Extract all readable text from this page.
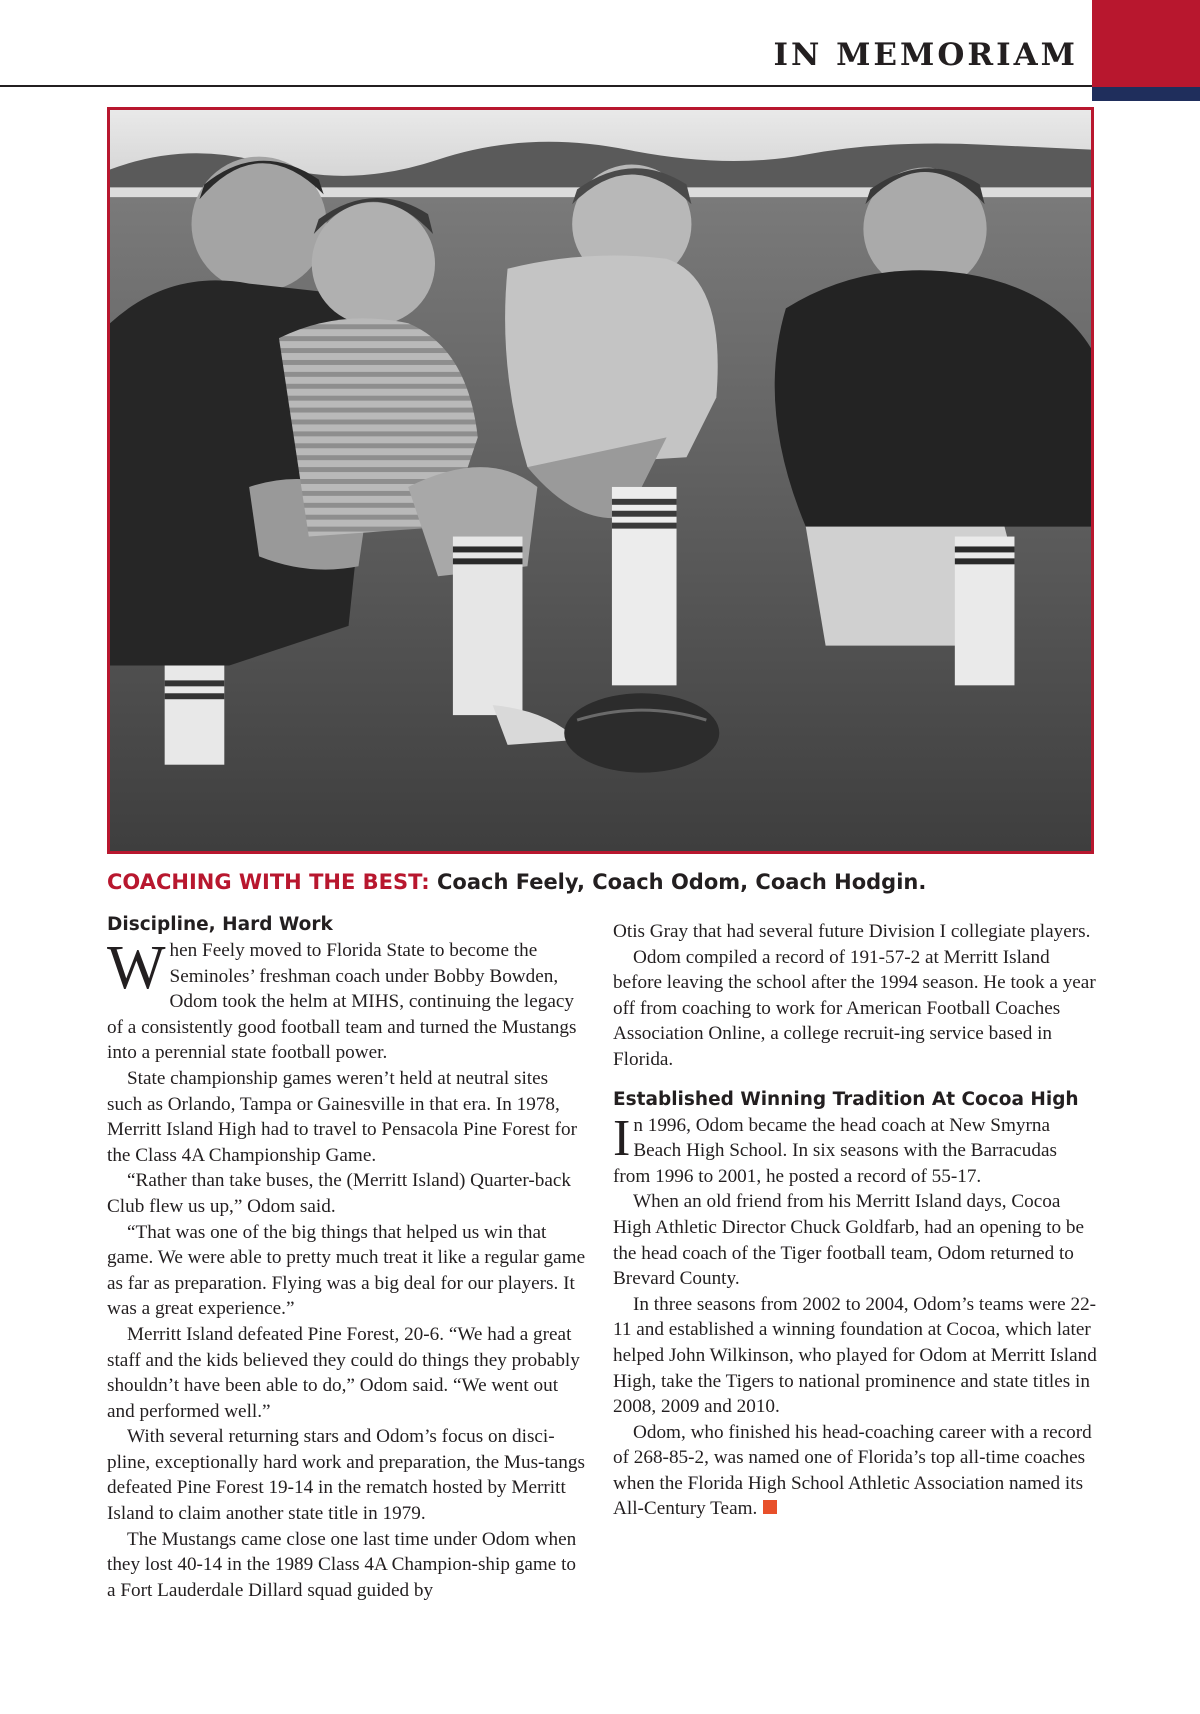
IN MEMORIAM
COACHING WITH THE BEST: Coach Feely, Coach Odom, Coach Hodgin.

Discipline, Hard Work

When Feely moved to Florida State to become the Seminoles’ freshman coach under Bobby Bowden, Odom took the helm at MIHS, continuing the legacy of a consistently good football team and turned the Mustangs into a perennial state football power.

State championship games weren’t held at neutral sites such as Orlando, Tampa or Gainesville in that era. In 1978, Merritt Island High had to travel to Pensacola Pine Forest for the Class 4A Championship Game.

“Rather than take buses, the (Merritt Island) Quarter-back Club flew us up,” Odom said.

“That was one of the big things that helped us win that game. We were able to pretty much treat it like a regular game as far as preparation. Flying was a big deal for our players. It was a great experience.”

Merritt Island defeated Pine Forest, 20-6. “We had a great staff and the kids believed they could do things they probably shouldn’t have been able to do,” Odom said. “We went out and performed well.”

With several returning stars and Odom’s focus on disci-pline, exceptionally hard work and preparation, the Mus-tangs defeated Pine Forest 19-14 in the rematch hosted by Merritt Island to claim another state title in 1979.

The Mustangs came close one last time under Odom when they lost 40-14 in the 1989 Class 4A Champion-ship game to a Fort Lauderdale Dillard squad guided by

Otis Gray that had several future Division I collegiate players.

Odom compiled a record of 191-57-2 at Merritt Island before leaving the school after the 1994 season. He took a year off from coaching to work for American Football Coaches Association Online, a college recruit-ing service based in Florida.

Established Winning Tradition At Cocoa High

In 1996, Odom became the head coach at New Smyrna Beach High School. In six seasons with the Barracudas from 1996 to 2001, he posted a record of 55-17.

When an old friend from his Merritt Island days, Cocoa High Athletic Director Chuck Goldfarb, had an opening to be the head coach of the Tiger football team, Odom returned to Brevard County.

In three seasons from 2002 to 2004, Odom’s teams were 22-11 and established a winning foundation at Cocoa, which later helped John Wilkinson, who played for Odom at Merritt Island High, take the Tigers to national prominence and state titles in 2008, 2009 and 2010.

Odom, who finished his head-coaching career with a record of 268-85-2, was named one of Florida’s top all-time coaches when the Florida High School Athletic Association named its All-Century Team.
